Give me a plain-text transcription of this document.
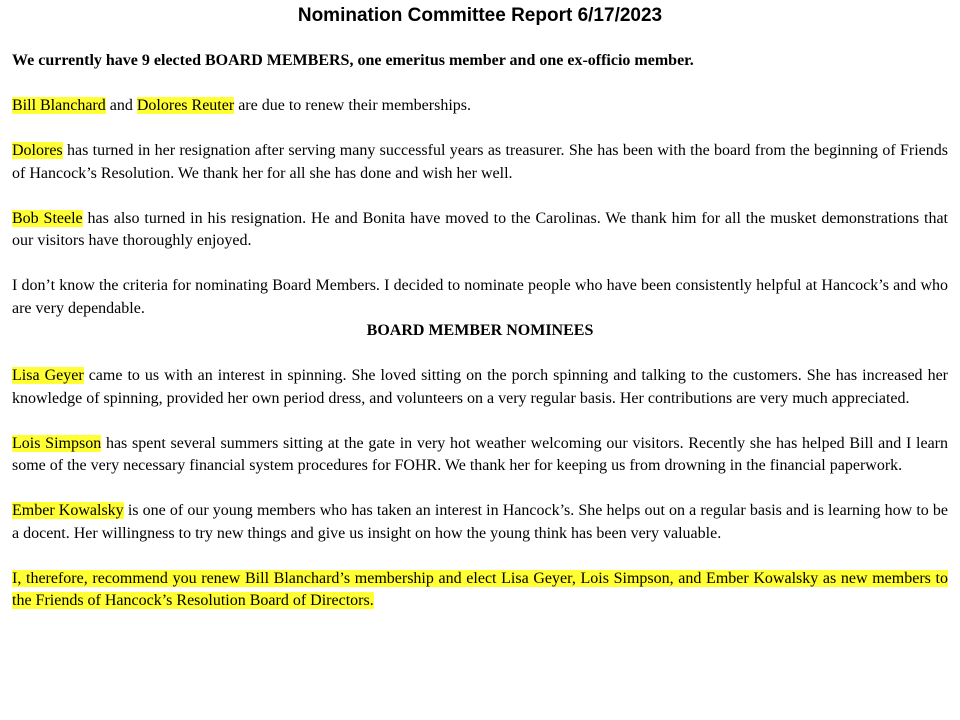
Nomination Committee Report 6/17/2023

We currently have 9 elected BOARD MEMBERS, one emeritus member and one ex-officio member.

Bill Blanchard and Dolores Reuter are due to renew their memberships.

Dolores has turned in her resignation after serving many successful years as treasurer. She has been with the board from the beginning of Friends of Hancock’s Resolution. We thank her for all she has done and wish her well.

Bob Steele has also turned in his resignation. He and Bonita have moved to the Carolinas. We thank him for all the musket demonstrations that our visitors have thoroughly enjoyed.

I don’t know the criteria for nominating Board Members. I decided to nominate people who have been consistently helpful at Hancock’s and who are very dependable.

BOARD MEMBER NOMINEES

Lisa Geyer came to us with an interest in spinning. She loved sitting on the porch spinning and talking to the customers. She has increased her knowledge of spinning, provided her own period dress, and volunteers on a very regular basis. Her contributions are very much appreciated.

Lois Simpson has spent several summers sitting at the gate in very hot weather welcoming our visitors. Recently she has helped Bill and I learn some of the very necessary financial system procedures for FOHR. We thank her for keeping us from drowning in the financial paperwork.

Ember Kowalsky is one of our young members who has taken an interest in Hancock’s. She helps out on a regular basis and is learning how to be a docent. Her willingness to try new things and give us insight on how the young think has been very valuable.

I, therefore, recommend you renew Bill Blanchard’s membership and elect Lisa Geyer, Lois Simpson, and Ember Kowalsky as new members to the Friends of Hancock’s Resolution Board of Directors.
